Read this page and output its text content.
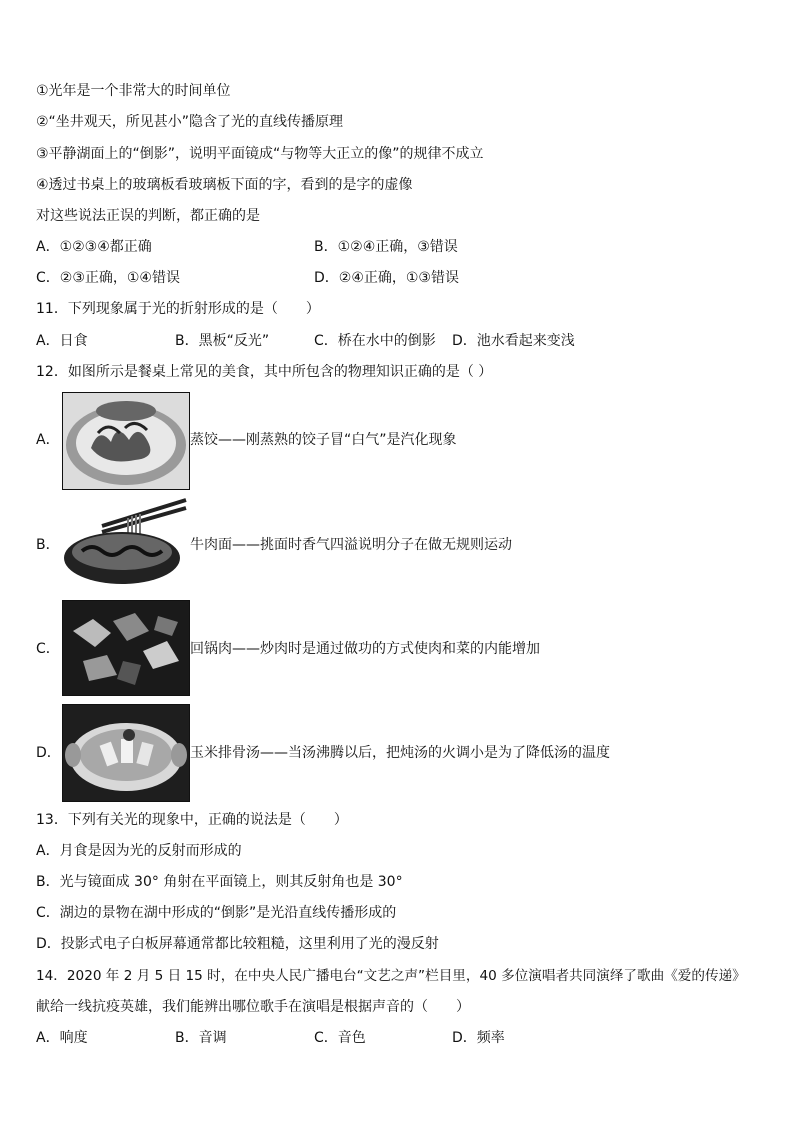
①光年是一个非常大的时间单位
②“坐井观天，所见甚小”隐含了光的直线传播原理
③平静湖面上的“倒影”，说明平面镜成“与物等大正立的像”的规律不成立
④透过书桌上的玻璃板看玻璃板下面的字，看到的是字的虚像
对这些说法正误的判断，都正确的是
A．①②③④都正确	B．①②④正确，③错误
C．②③正确，①④错误	D．②④正确，①③错误
11．下列现象属于光的折射形成的是（　　）
A．日食	B．黑板“反光”	C．桥在水中的倒影 D．池水看起来变浅
12．如图所示是餐桌上常见的美食，其中所包含的物理知识正确的是（ ）
A．	蒸饺——刚蒸熟的饺子冒“白气”是汽化现象
B．	牛肉面——挑面时香气四溢说明分子在做无规则运动
C．	回锅肉——炒肉时是通过做功的方式使肉和菜的内能增加
D．	玉米排骨汤——当汤沸腾以后，把炖汤的火调小是为了降低汤的温度
13．下列有关光的现象中，正确的说法是（　　）
A．月食是因为光的反射而形成的
B．光与镜面成 30° 角射在平面镜上，则其反射角也是 30°
C．湖边的景物在湖中形成的“倒影”是光沿直线传播形成的
D．投影式电子白板屏幕通常都比较粗糙，这里利用了光的漫反射
14．2020 年 2 月 5 日 15 时，在中央人民广播电台“文艺之声”栏目里，40 多位演唱者共同演绎了歌曲《爱的传递》
献给一线抗疫英雄，我们能辨出哪位歌手在演唱是根据声音的（　　）
A．响度	B．音调	C．音色	D．频率
